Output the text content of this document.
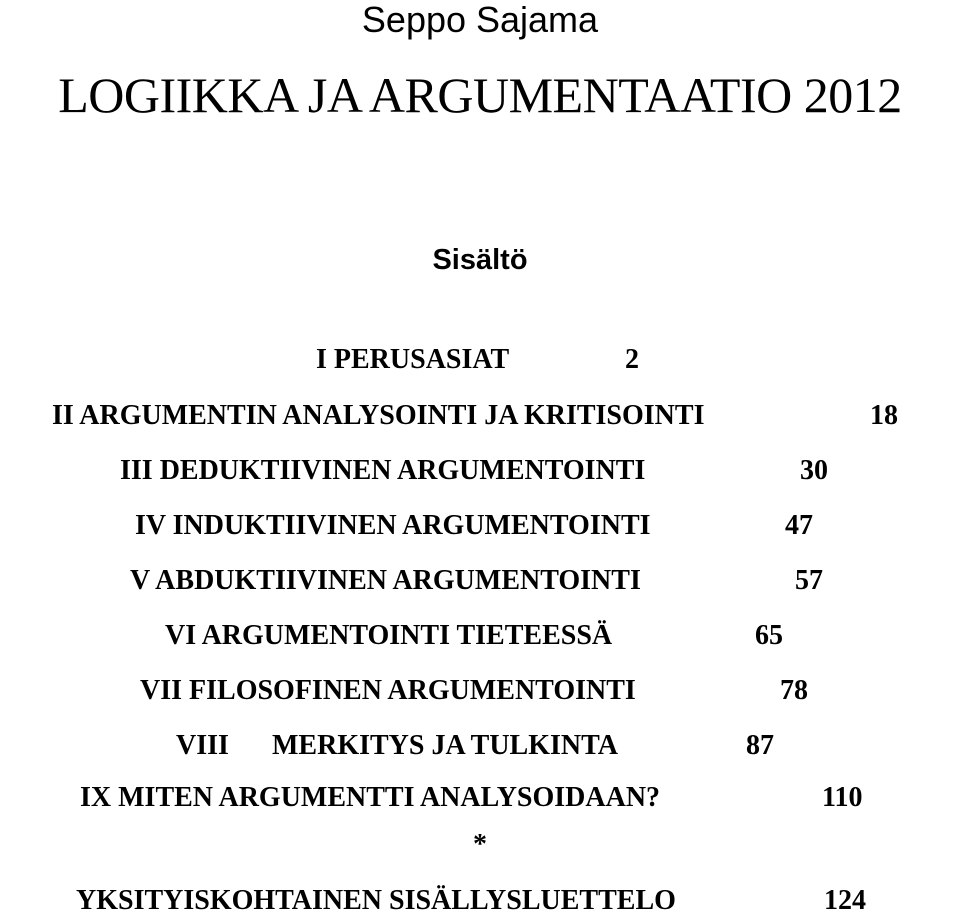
Seppo Sajama
LOGIIKKA JA ARGUMENTAATIO 2012
Sisältö
I PERUSASIAT	2
II ARGUMENTIN ANALYSOINTI JA KRITISOINTI	18
III DEDUKTIIVINEN ARGUMENTOINTI	30
IV INDUKTIIVINEN ARGUMENTOINTI	47
V ABDUKTIIVINEN ARGUMENTOINTI	57
VI ARGUMENTOINTI TIETEESSÄ	65
VII FILOSOFINEN ARGUMENTOINTI	78
VIII MERKITYS JA TULKINTA	87
IX MITEN ARGUMENTTI ANALYSOIDAAN?	110
*
YKSITYISKOHTAINEN SISÄLLYSLUETTELO	124
